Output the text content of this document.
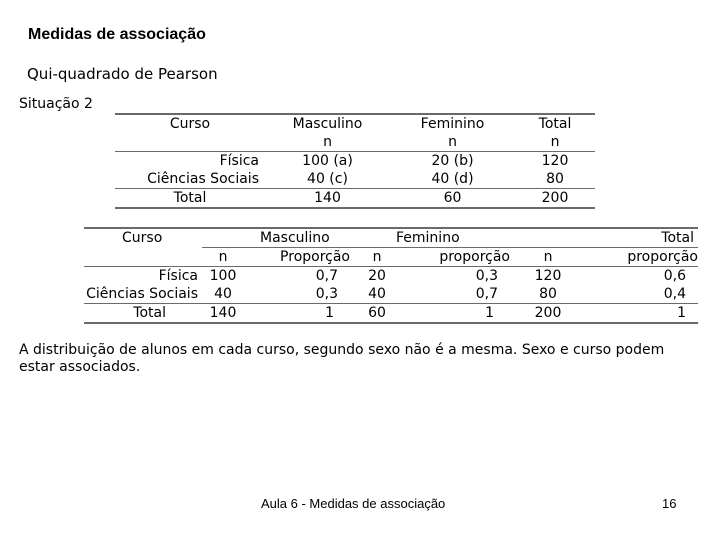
Medidas de associação
Qui-quadrado de Pearson
Situação 2
Curso	Masculino	Feminino	Total
	n	n	n
Física	100 (a)	20 (b)	120
Ciências Sociais	40 (c)	40 (d)	80
Total	140	60	200
Curso	Masculino		Feminino		Total	
	n	Proporção	n	proporção	n	proporção
Física	100	0,7	20	0,3	120	0,6
Ciências Sociais	40	0,3	40	0,7	80	0,4
Total	140	1	60	1	200	1
A distribuição de alunos em cada curso, segundo sexo não é a mesma. Sexo e curso podem estar associados.
Aula 6 - Medidas de associação	16
